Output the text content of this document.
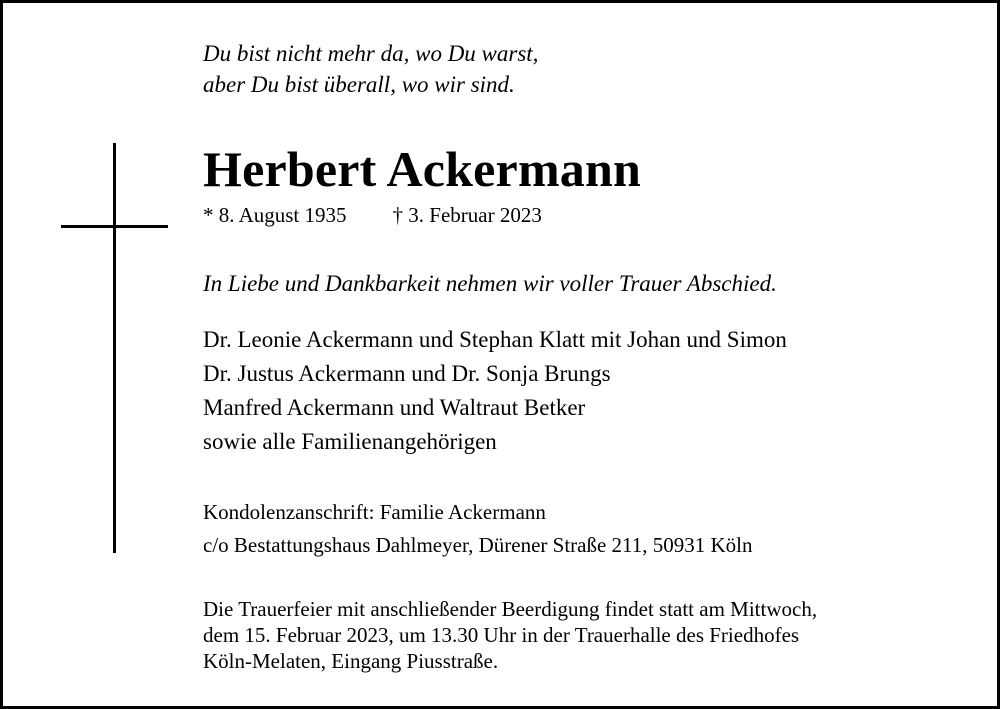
Du bist nicht mehr da, wo Du warst,
aber Du bist überall, wo wir sind.
Herbert Ackermann
* 8. August 1935 † 3. Februar 2023
In Liebe und Dankbarkeit nehmen wir voller Trauer Abschied.
Dr. Leonie Ackermann und Stephan Klatt mit Johan und Simon
Dr. Justus Ackermann und Dr. Sonja Brungs
Manfred Ackermann und Waltraut Betker
sowie alle Familienangehörigen
Kondolenzanschrift: Familie Ackermann
c/o Bestattungshaus Dahlmeyer, Dürener Straße 211, 50931 Köln
Die Trauerfeier mit anschließender Beerdigung findet statt am Mittwoch,
dem 15. Februar 2023, um 13.30 Uhr in der Trauerhalle des Friedhofes
Köln-Melaten, Eingang Piusstraße.
